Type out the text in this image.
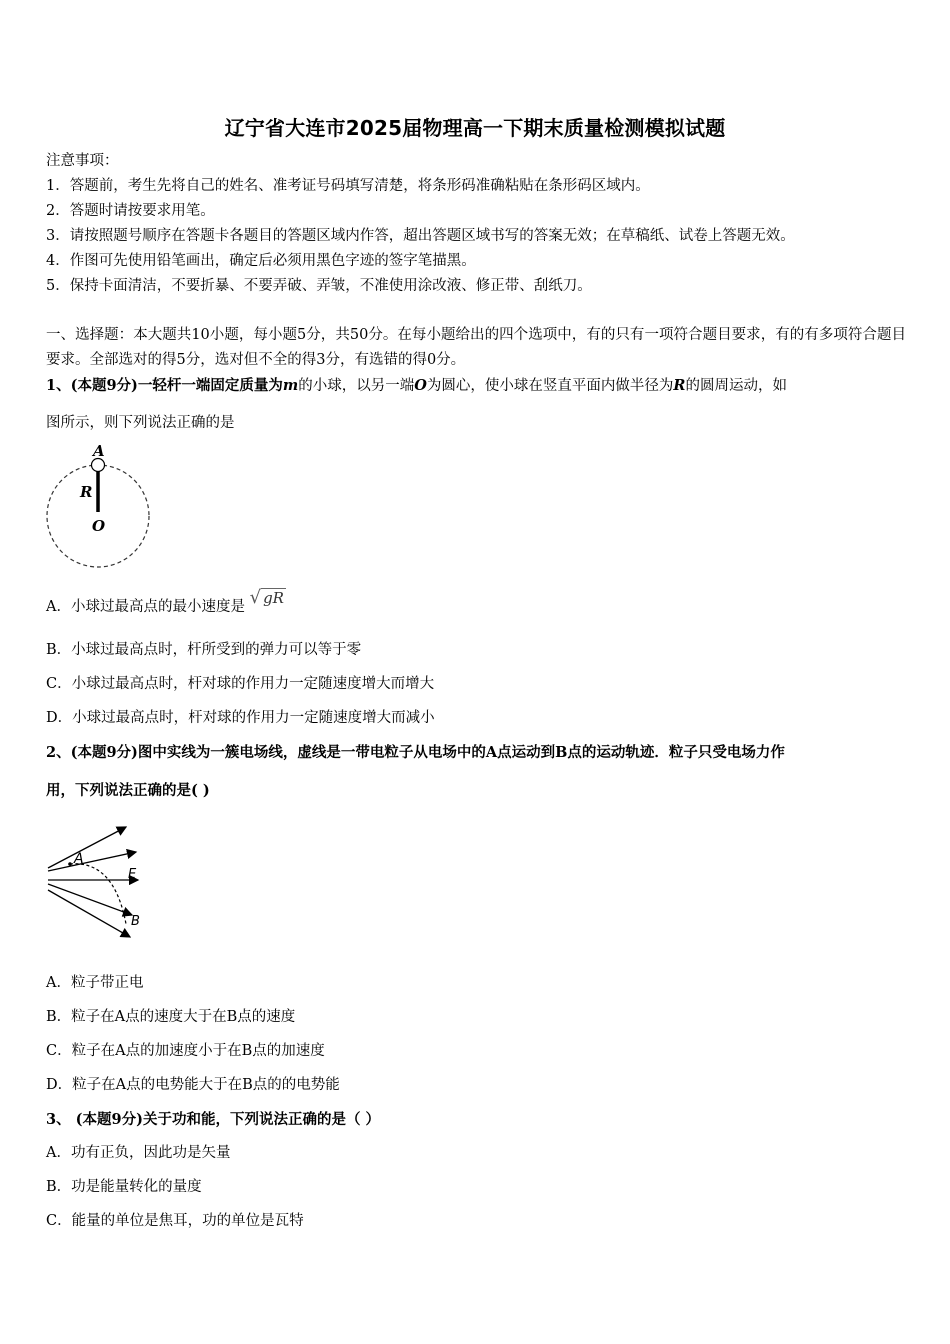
辽宁省大连市2025届物理高一下期末质量检测模拟试题
注意事项：
1．答题前，考生先将自己的姓名、准考证号码填写清楚，将条形码准确粘贴在条形码区域内。
2．答题时请按要求用笔。
3．请按照题号顺序在答题卡各题目的答题区域内作答，超出答题区域书写的答案无效；在草稿纸、试卷上答题无效。
4．作图可先使用铅笔画出，确定后必须用黑色字迹的签字笔描黑。
5．保持卡面清洁，不要折暴、不要弄破、弄皱，不准使用涂改液、修正带、刮纸刀。
一、选择题：本大题共10小题，每小题5分，共50分。在每小题给出的四个选项中，有的只有一项符合题目要求，有的有多项符合题目要求。全部选对的得5分，选对但不全的得3分，有选错的得0分。
1、(本题9分)一轻杆一端固定质量为m的小球，以另一端O为圆心，使小球在竖直平面内做半径为R的圆周运动，如
图所示，则下列说法正确的是
A
R
O
A．小球过最高点的最小速度是 √ gR
B．小球过最高点时，杆所受到的弹力可以等于零
C．小球过最高点时，杆对球的作用力一定随速度增大而增大
D．小球过最高点时，杆对球的作用力一定随速度增大而减小
2、(本题9分)图中实线为一簇电场线，虚线是一带电粒子从电场中的A点运动到B点的运动轨迹．粒子只受电场力作
用，下列说法正确的是( )
A
E
B
A．粒子带正电
B．粒子在A点的速度大于在B点的速度
C．粒子在A点的加速度小于在B点的加速度
D．粒子在A点的电势能大于在B点的的电势能
3、 (本题9分)关于功和能，下列说法正确的是（ ）
A．功有正负，因此功是矢量
B．功是能量转化的量度
C．能量的单位是焦耳，功的单位是瓦特
